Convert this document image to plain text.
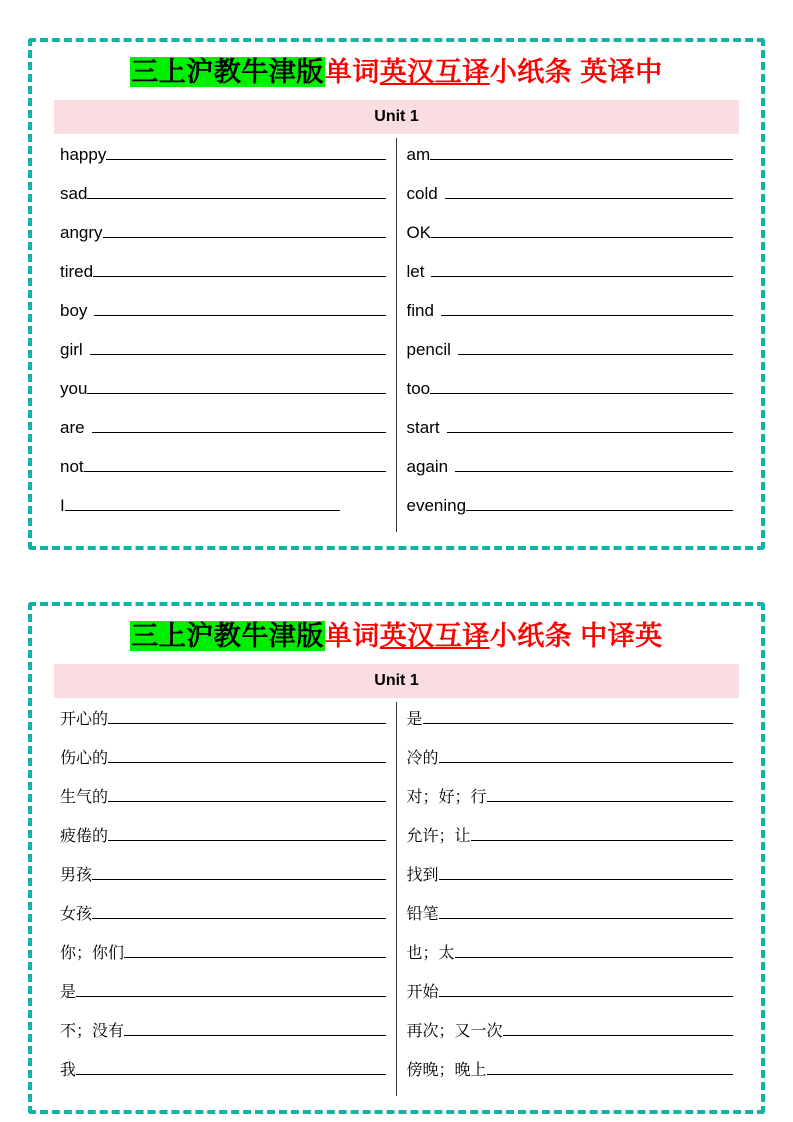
三上沪教牛津版单词英汉互译小纸条 英译中
Unit 1
happy
sad
angry
tired
boy
girl
you
are
not
I
am
cold
OK
let
find
pencil
too
start
again
evening
三上沪教牛津版单词英汉互译小纸条 中译英
Unit 1
开心的
伤心的
生气的
疲倦的
男孩
女孩
你；你们
是
不；没有
我
是
冷的
对；好；行
允许；让
找到
铅笔
也；太
开始
再次；又一次
傍晚；晚上
